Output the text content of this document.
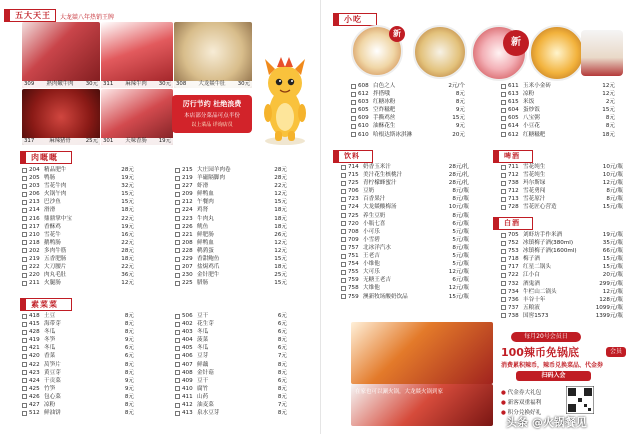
五大天王	大龙燚八年热销王牌
309 熟肉嫩牛肉 30元 311 麻辣牛肉 30元 308 大龙燚牛肚 30元
317	麻辣猪骨	25元 301 天味香肠 19元
厉行节约 杜绝浪费
本店部分菜品可点半份
以上菜品 详询店员
肉嘅嘅
204 精品肥牛	28元
205 鸭肠	19元
203 雪花牛肉	32元
206 火锅午肉	15元
213 巴沙鱼	15元
214 滑滑	18元
216 鼎鼎掌中宝	22元
217 香酥鸡	19元
210 雪花牛	16元
218 鹅鸭肠	22元
202 多肉牛筋	28元
219 五香肥肠	18元
222 大刀腰片	22元
220 肉丸毛肚	36元
211 火腿肠	12元
215 大庄园羊肉卷	28元
219 羊磁隔脚肉	28元
227 虾滑	22元
209 鲜鸭血	12元
212 午餐肉	15元
224 鸡肾	18元
223 牛肉丸	18元
226 鱿鱼	18元
221 鲜肥肠	26元
208 鲜鸭血	12元
228 鹌鹑蛋	12元
229 香甜鲍鱼	15元
207 盐焗鸡爪	18元
230 金针肥牛	25元
225 腊肠	15元
素菜菜
418 土豆	8元
415 海带芽	8元
428 冬瓜	8元
419 冬笋	9元
421 冬瓜	6元
420 香菜	6元
422 莴笋片	8元
423 黄豆芽	8元
424 干贡菜	9元
425 竹笋	9元
426 包心菜	8元
427 凉粉	8元
512 鲜油饼	8元
506 豆干	6元
402 花生芽	6元
403 冬瓜	6元
404 菠菜	8元
405 冬瓜	6元
406 豆芽	7元
407 鲜藕	8元
408 金针菇	8元
409 豆干	6元
410 腐竹	8元
411 山药	8元
412 油麦菜	7元
413 泉水豆芽	8元
小吃
新
新
608 白色之人	2元/个
612 拌搭哦	8元
603 红糖冰粉	8元
605 空炸糍粑	9元
609 手撕鸡丝	15元
610 油酥花生	9元
610 哈根达斯冰淇淋	20元
611 玉米小金砖	12元
613 凉粉	12元
615 米饭	2元
604 蛋炒饭	15元
605 八宝粥	8元
614 小豆花	8元
612 红糖糍粑	18元
饮料
714 奶香玉米汁	28元/扎
715 美汁花生核桃汁	28元/扎
725 青柠檬蜂蜜汁	28元/扎
706 豆奶	8元/瓶
723 百香果汁	8元/瓶
724 大龙燚酸梅汤	10元/瓶
725 养生豆奶	8元/瓶
720 小瓶七喜	6元/瓶
708 小可乐	5元/瓶
709 小雪碧	5元/瓶
757 北冰洋汽水	8元/瓶
751 王老吉	5元/瓶
754 小维他	5元/瓶
755 大可乐	12元/瓶
759 无糖王老吉	6元/瓶
758 大维他	12元/瓶
759 澳新牧场酸奶饮品	15元/瓶
啤酒
711 雪花纯生	10元/瓶
712 雪花纯生	10元/瓶
738 玛尔斯绿	12元/瓶
712 雪花勇闯	8元/瓶
713 雪花原汁	8元/瓶
728 雪花匠心营造	15元/瓶
白酒
705 刘虾坊手作米酒	19元/瓶
752 冰镇梅子酒(380ml)	35元/瓶
753 冰镇梅子酒(1600ml)	66元/瓶
718 梅子酒	15元/瓶
717 红星二锅头	15元/瓶
722 江小白	20元/瓶
732 酒鬼酒	299元/瓶
734 牛栏山二锅头	12元/瓶
736 丰谷十年	128元/瓶
737 五粮液	1099元/瓶
738 国窖1573	1399元/瓶
在家也可以涮火锅，大龙燚火锅到家
每月20号会员日
100辣币免锅底	会员
消费累积辣币，辣币兑换菜品、代金券
扫码入会
● 代金券大礼包
● 新客双重福利
● 积分兑换好礼
头条 @火锅餐见
